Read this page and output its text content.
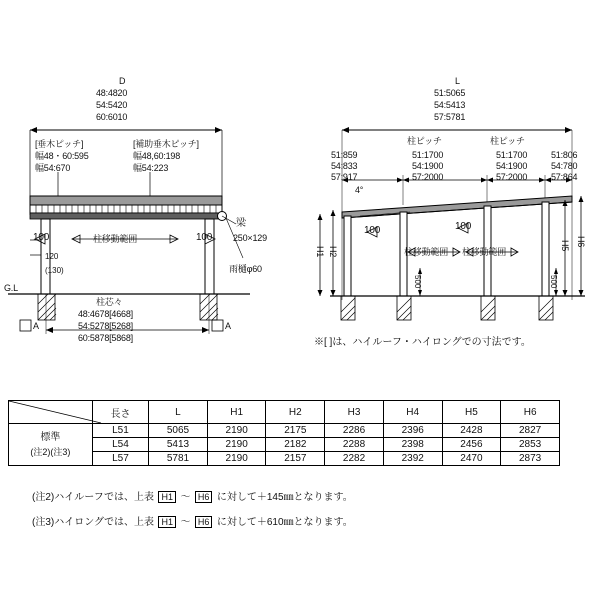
D
48:4820
54:5420
60:6010
[垂木ピッチ]
幅48・60:595
幅54:670
[補助垂木ピッチ]
幅48,60:198
幅54:223
梁
250×129
雨樋φ60
柱移動範囲
100	100
120
(130)
G.L
柱芯々
48:4678[4668]
54:5278[5268]
60:5878[5868]
A	A
L
51:5065
54:5413
57:5781
柱ピッチ	柱ピッチ
51:859
54:833
57:917
51:1700
54:1900
57:2000
51:1700
54:1900
57:2000
51:806
54:780
57:864
4°
100	100
柱移動範囲 柱移動範囲
H1 H2
H5 H6
500	500
※[ ]は、ハイルーフ・ハイロングでの寸法です。
	長さ	L	H1	H2	H3	H4	H5	H6

標準
(注2)(注3)	L51	5065	2190	2175	2286	2396	2428	2827
	L54	5413	2190	2182	2288	2398	2456	2853
	L57	5781	2190	2157	2282	2392	2470	2873
(注2)ハイルーフでは、上表 H1 〜 H6 に対して＋145㎜となります。
(注3)ハイロングでは、上表 H1 〜 H6 に対して＋610㎜となります。
